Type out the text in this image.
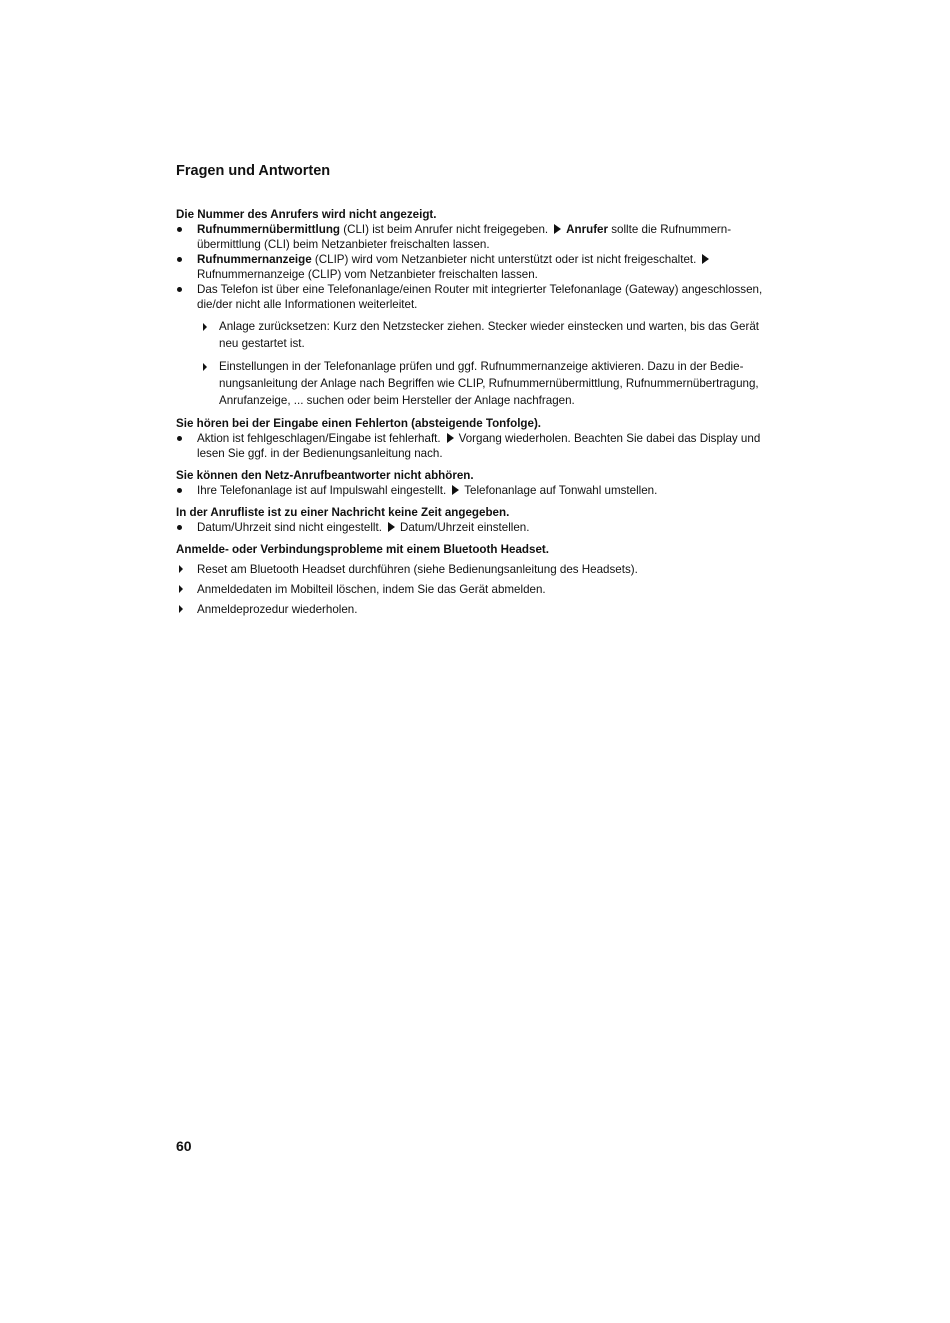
Fragen und Antworten

Die Nummer des Anrufers wird nicht angezeigt.

Rufnummernübermittlung (CLI) ist beim Anrufer nicht freigegeben. Anrufer sollte die Rufnummernübermittlung (CLI) beim Netzanbieter freischalten lassen.

Rufnummernanzeige (CLIP) wird vom Netzanbieter nicht unterstützt oder ist nicht freigeschaltet.Rufnummernanzeige (CLIP) vom Netzanbieter freischalten lassen.

Das Telefon ist über eine Telefonanlage/einen Router mit integrierter Telefonanlage (Gateway) angeschlossen, die/der nicht alle Informationen weiterleitet.

Anlage zurücksetzen: Kurz den Netzstecker ziehen. Stecker wieder einstecken und warten, bis das Gerät neu gestartet ist.

Einstellungen in der Telefonanlage prüfen und ggf. Rufnummernanzeige aktivieren. Dazu in der Bedienungsanleitung der Anlage nach Begriffen wie CLIP, Rufnummernübermittlung, Rufnummernübertragung, Anrufanzeige, ... suchen oder beim Hersteller der Anlage nachfragen.

Sie hören bei der Eingabe einen Fehlerton (absteigende Tonfolge).

Aktion ist fehlgeschlagen/Eingabe ist fehlerhaft. Vorgang wiederholen. Beachten Sie dabei das Display und lesen Sie ggf. in der Bedienungsanleitung nach.

Sie können den Netz-Anrufbeantworter nicht abhören.

Ihre Telefonanlage ist auf Impulswahl eingestellt. Telefonanlage auf Tonwahl umstellen.

In der Anrufliste ist zu einer Nachricht keine Zeit angegeben.

Datum/Uhrzeit sind nicht eingestellt. Datum/Uhrzeit einstellen.

Anmelde- oder Verbindungsprobleme mit einem Bluetooth Headset.

Reset am Bluetooth Headset durchführen (siehe Bedienungsanleitung des Headsets).

Anmeldedaten im Mobilteil löschen, indem Sie das Gerät abmelden.

Anmeldeprozedur wiederholen.

60
